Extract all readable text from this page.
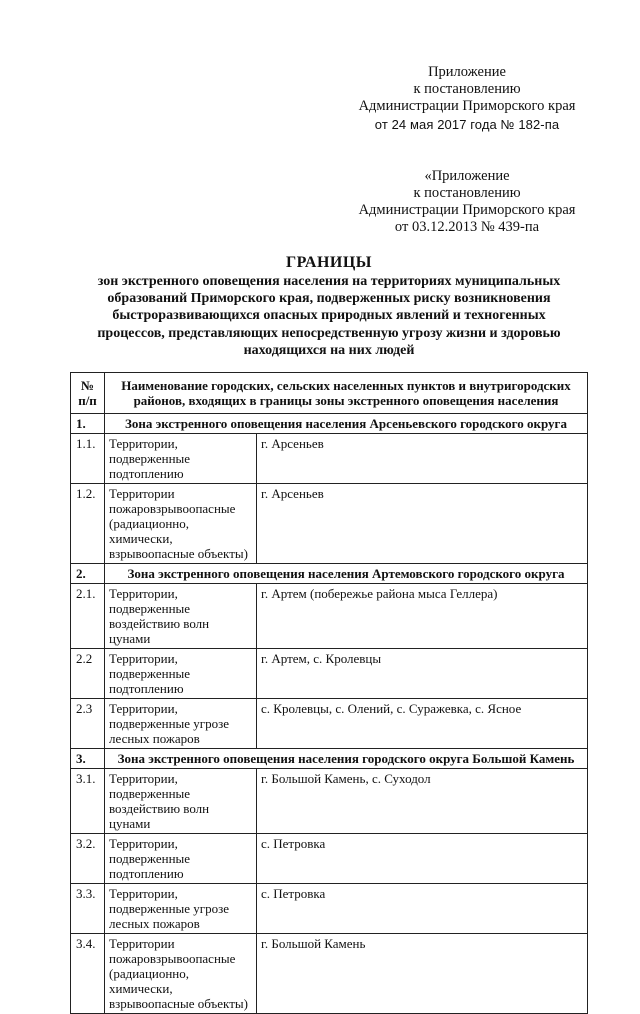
Приложение
к постановлению
Администрации Приморского края
от 24 мая 2017 года № 182-па
«Приложение
к постановлению
Администрации Приморского края
от 03.12.2013 № 439-па
ГРАНИЦЫ
зон экстренного оповещения населения на территориях муниципальных
образований Приморского края, подверженных риску возникновения
быстроразвивающихся опасных природных явлений и техногенных
процессов, представляющих непосредственную угрозу жизни и здоровью
находящихся на них людей
№ п/п	Наименование городских, сельских населенных пунктов и внутригородских районов, входящих в границы зоны экстренного оповещения населения	
1.	Зона экстренного оповещения населения Арсеньевского городского округа	
1.1.	Территории, подверженные подтоплению	г. Арсеньев
1.2.	Территории пожаровзрывоопасные (радиационно, химически, взрывоопасные объекты)	г. Арсеньев
2.	Зона экстренного оповещения населения Артемовского городского округа	
2.1.	Территории, подверженные воздействию волн цунами	г. Артем (побережье района мыса Геллера)
2.2	Территории, подверженные подтоплению	г. Артем, с. Кролевцы
2.3	Территории, подверженные угрозе лесных пожаров	с. Кролевцы, с. Олений, с. Суражевка, с. Ясное
3.	Зона экстренного оповещения населения городского округа Большой Камень	
3.1.	Территории, подверженные воздействию волн цунами	г. Большой Камень, с. Суходол
3.2.	Территории, подверженные подтоплению	с. Петровка
3.3.	Территории, подверженные угрозе лесных пожаров	с. Петровка
3.4.	Территории пожаровзрывоопасные (радиационно, химически, взрывоопасные объекты)	г. Большой Камень
